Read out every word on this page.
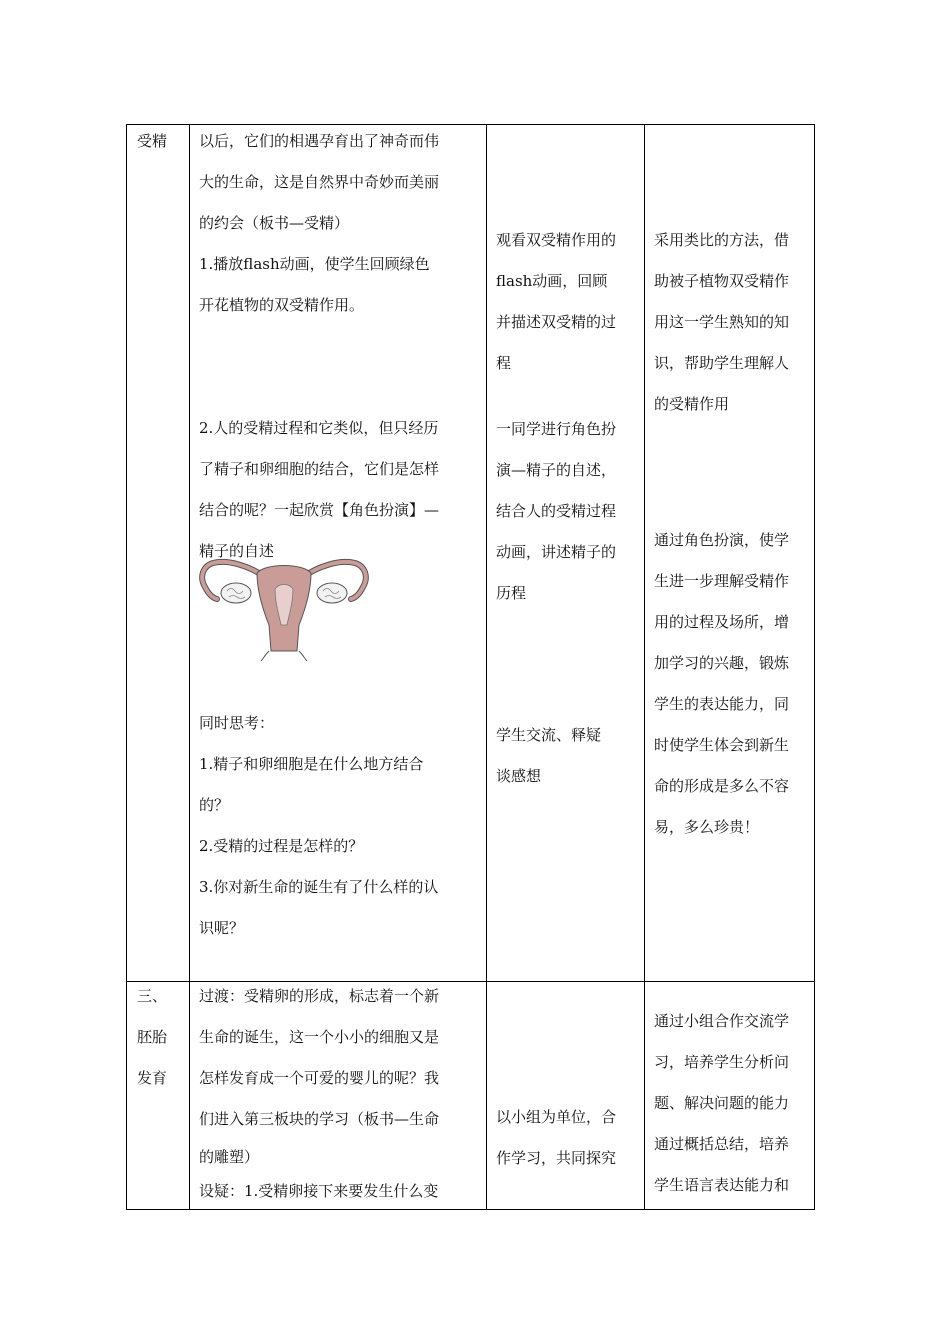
受精 以后，它们的相遇孕育出了神奇而伟

大的生命，这是自然界中奇妙而美丽

的约会（板书—受精）

1.播放flash动画，使学生回顾绿色

开花植物的双受精作用。

2.人的受精过程和它类似，但只经历

了精子和卵细胞的结合，它们是怎样

结合的呢？一起欣赏【角色扮演】—

精子的自述

同时思考：

1.精子和卵细胞是在什么地方结合

的？

2.受精的过程是怎样的？

3.你对新生命的诞生有了什么样的认

识呢？

观看双受精作用的

flash动画，回顾

并描述双受精的过

程

一同学进行角色扮

演—精子的自述，

结合人的受精过程

动画，讲述精子的

历程

学生交流、释疑

谈感想

采用类比的方法，借

助被子植物双受精作

用这一学生熟知的知

识，帮助学生理解人

的受精作用

通过角色扮演，使学

生进一步理解受精作

用的过程及场所，增

加学习的兴趣，锻炼

学生的表达能力，同

时使学生体会到新生

命的形成是多么不容

易，多么珍贵！

三、

胚胎

发育

过渡：受精卵的形成，标志着一个新

生命的诞生，这一个小小的细胞又是

怎样发育成一个可爱的婴儿的呢？我

们进入第三板块的学习（板书—生命

的雕塑）

设疑：1.受精卵接下来要发生什么变

以小组为单位，合

作学习，共同探究

通过小组合作交流学

习，培养学生分析问

题、解决问题的能力

通过概括总结，培养

学生语言表达能力和
